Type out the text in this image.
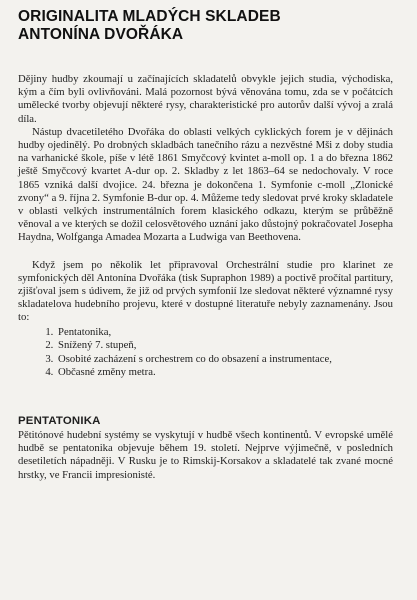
ORIGINALITA MLADÝCH SKLADEB
ANTONÍNA DVOŘÁKA

Dějiny hudby zkoumají u začínajících skladatelů obvykle jejich studia, východiska, kým a čím byli ovlivňováni. Malá pozornost bývá věnována tomu, zda se v počátcích umělecké tvorby objevují některé rysy, charakteristické pro autorův další vývoj a zralá díla.

Nástup dvacetiletého Dvořáka do oblasti velkých cyklických forem je v dějinách hudby ojedinělý. Po drobných skladbách tanečního rázu a nezvěstné Mši z doby studia na varhanické škole, píše v létě 1861 Smyčcový kvintet a-moll op. 1 a do března 1862 ještě Smyčcový kvartet A-dur op. 2. Skladby z let 1863–64 se nedochovaly. V roce 1865 vzniká další dvojice. 24. března je dokončena 1. Symfonie c-moll „Zlonické zvony“ a 9. října 2. Symfonie B-dur op. 4. Můžeme tedy sledovat prvé kroky skladatele v oblasti velkých instrumentálních forem klasického odkazu, kterým se průběžně věnoval a ve kterých se dožil celosvětového uznání jako důstojný pokračovatel Josepha Haydna, Wolfganga Amadea Mozarta a Ludwiga van Beethovena.

Když jsem po několik let připravoval Orchestrální studie pro klarinet ze symfonických děl Antonína Dvořáka (tisk Supraphon 1989) a poctivě pročítal partitury, zjišťoval jsem s údivem, že již od prvých symfonií lze sledovat některé významné rysy skladatelova hudebního projevu, které v dostupné literatuře nebyly zaznamenány. Jsou to:

1. Pentatonika,
2. Snížený 7. stupeň,
3. Osobité zacházení s orchestrem co do obsazení a instrumentace,
4. Občasné změny metra.
PENTATONIKA

Pětitónové hudební systémy se vyskytují v hudbě všech kontinentů. V evropské umělé hudbě se pentatonika objevuje během 19. století. Nejprve výjimečně, v posledních desetiletích nápadněji. V Rusku je to Rimskij-Korsakov a skladatelé tak zvané mocné hrstky, ve Francii impresionisté.
